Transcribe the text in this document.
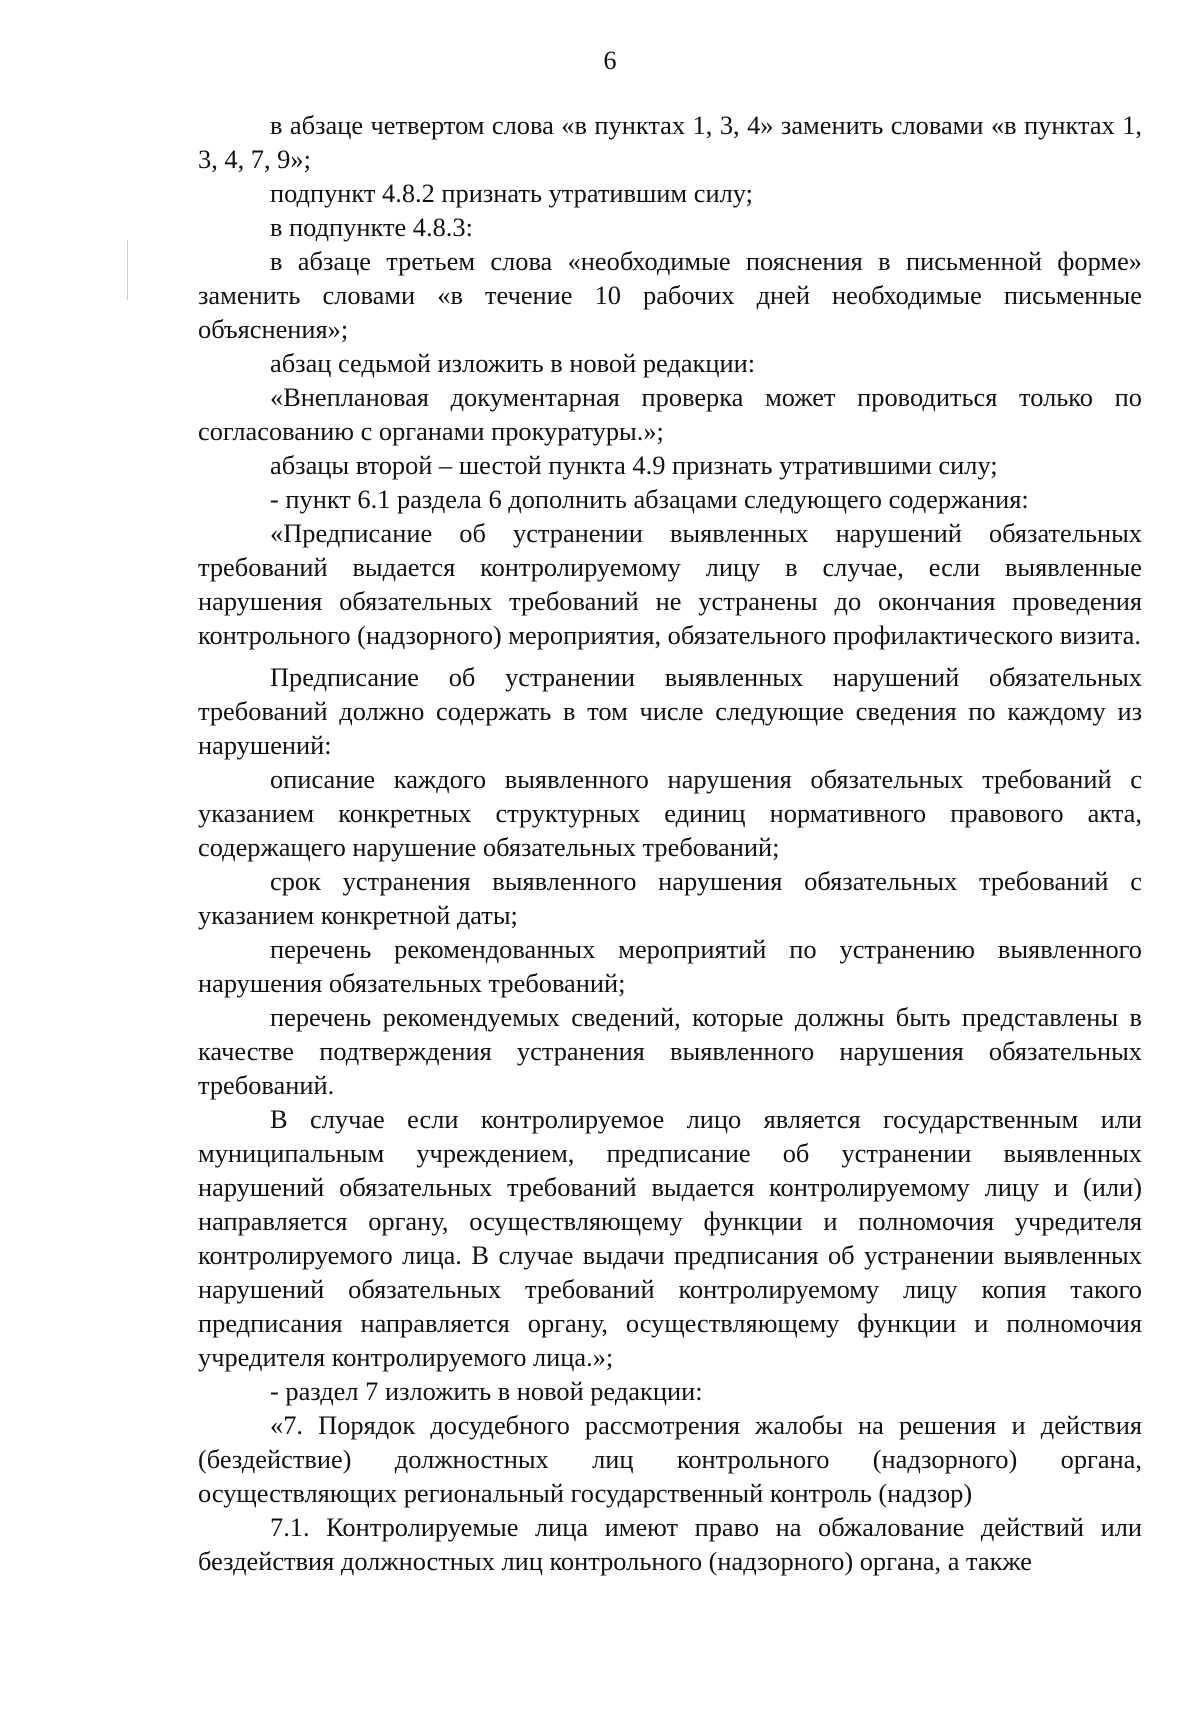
6

в абзаце четвертом слова «в пунктах 1, 3, 4» заменить словами «в пунктах 1, 3, 4, 7, 9»;

подпункт 4.8.2 признать утратившим силу;

в подпункте 4.8.3:

в абзаце третьем слова «необходимые пояснения в письменной форме» заменить словами «в течение 10 рабочих дней необходимые письменные объяснения»;

абзац седьмой изложить в новой редакции:

«Внеплановая документарная проверка может проводиться только по согласованию с органами прокуратуры.»;

абзацы второй – шестой пункта 4.9 признать утратившими силу;

- пункт 6.1 раздела 6 дополнить абзацами следующего содержания:

«Предписание об устранении выявленных нарушений обязательных требований выдается контролируемому лицу в случае, если выявленные нарушения обязательных требований не устранены до окончания проведения контрольного (надзорного) мероприятия, обязательного профилактического визита.

Предписание об устранении выявленных нарушений обязательных требований должно содержать в том числе следующие сведения по каждому из нарушений:

описание каждого выявленного нарушения обязательных требований с указанием конкретных структурных единиц нормативного правового акта, содержащего нарушение обязательных требований;

срок устранения выявленного нарушения обязательных требований с указанием конкретной даты;

перечень рекомендованных мероприятий по устранению выявленного нарушения обязательных требований;

перечень рекомендуемых сведений, которые должны быть представлены в качестве подтверждения устранения выявленного нарушения обязательных требований.

В случае если контролируемое лицо является государственным или муниципальным учреждением, предписание об устранении выявленных нарушений обязательных требований выдается контролируемому лицу и (или) направляется органу, осуществляющему функции и полномочия учредителя контролируемого лица. В случае выдачи предписания об устранении выявленных нарушений обязательных требований контролируемому лицу копия такого предписания направляется органу, осуществляющему функции и полномочия учредителя контролируемого лица.»;

- раздел 7 изложить в новой редакции:

«7. Порядок досудебного рассмотрения жалобы на решения и действия (бездействие) должностных лиц контрольного (надзорного) органа, осуществляющих региональный государственный контроль (надзор)

7.1. Контролируемые лица имеют право на обжалование действий или бездействия должностных лиц контрольного (надзорного) органа, а также
